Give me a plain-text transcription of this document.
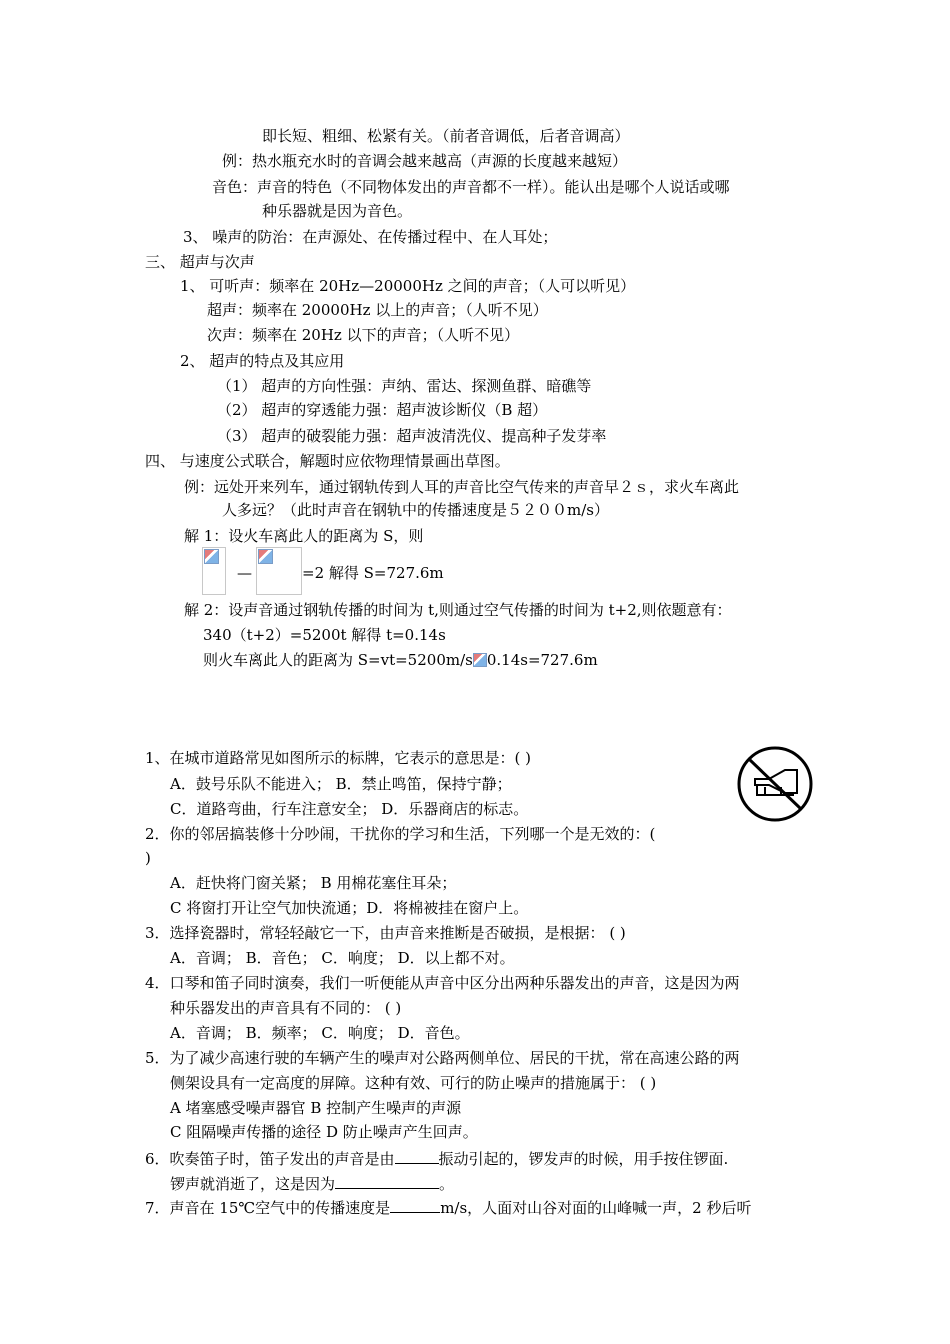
即长短、粗细、松紧有关。（前者音调低，后者音调高）
例：热水瓶充水时的音调会越来越高（声源的长度越来越短）
音色：声音的特色（不同物体发出的声音都不一样）。能认出是哪个人说话或哪
种乐器就是因为音色。
3、 噪声的防治：在声源处、在传播过程中、在人耳处；
三、 超声与次声
1、 可听声：频率在 20Hz—20000Hz 之间的声音；（人可以听见）
超声：频率在 20000Hz 以上的声音；（人听不见）
次声：频率在 20Hz 以下的声音；（人听不见）
2、 超声的特点及其应用
（1） 超声的方向性强：声纳、雷达、探测鱼群、暗礁等
（2） 超声的穿透能力强：超声波诊断仪（B 超）
（3） 超声的破裂能力强：超声波清洗仪、提高种子发芽率
四、 与速度公式联合，解题时应依物理情景画出草图。
例：远处开来列车，通过钢轨传到人耳的声音比空气传来的声音早２ｓ，求火车离此
人多远？（此时声音在钢轨中的传播速度是５２００m/s）
解 1：设火车离此人的距离为 S，则
—	=2 解得 S=727.6m
解 2：设声音通过钢轨传播的时间为 t,则通过空气传播的时间为 t+2,则依题意有：
340（t+2）=5200t 解得 t=0.14s
则火车离此人的距离为 S=vt=5200m/s 0.14s=727.6m
1、在城市道路常见如图所示的标牌，它表示的意思是：( )
A．鼓号乐队不能进入； B．禁止鸣笛，保持宁静；
C．道路弯曲，行车注意安全； D．乐器商店的标志。
2．你的邻居搞装修十分吵闹，干扰你的学习和生活，下列哪一个是无效的：(
)
A．赶快将门窗关紧； B 用棉花塞住耳朵；
C 将窗打开让空气加快流通；D．将棉被挂在窗户上。
3．选择瓷器时，常轻轻敲它一下，由声音来推断是否破损，是根据： ( )
A．音调； B．音色； C．响度； D．以上都不对。
4．口琴和笛子同时演奏，我们一听便能从声音中区分出两种乐器发出的声音，这是因为两
种乐器发出的声音具有不同的： ( )
A．音调； B．频率； C．响度； D．音色。
5．为了减少高速行驶的车辆产生的噪声对公路两侧单位、居民的干扰，常在高速公路的两
侧架设具有一定高度的屏障。这种有效、可行的防止噪声的措施属于： ( )
A 堵塞感受噪声器官 B 控制产生噪声的声源
C 阻隔噪声传播的途径 D 防止噪声产生回声。
6．吹奏笛子时，笛子发出的声音是由	振动引起的，锣发声的时候，用手按住锣面.
锣声就消逝了，这是因为	。
7．声音在 15℃空气中的传播速度是	m/s，人面对山谷对面的山峰喊一声，2 秒后听
